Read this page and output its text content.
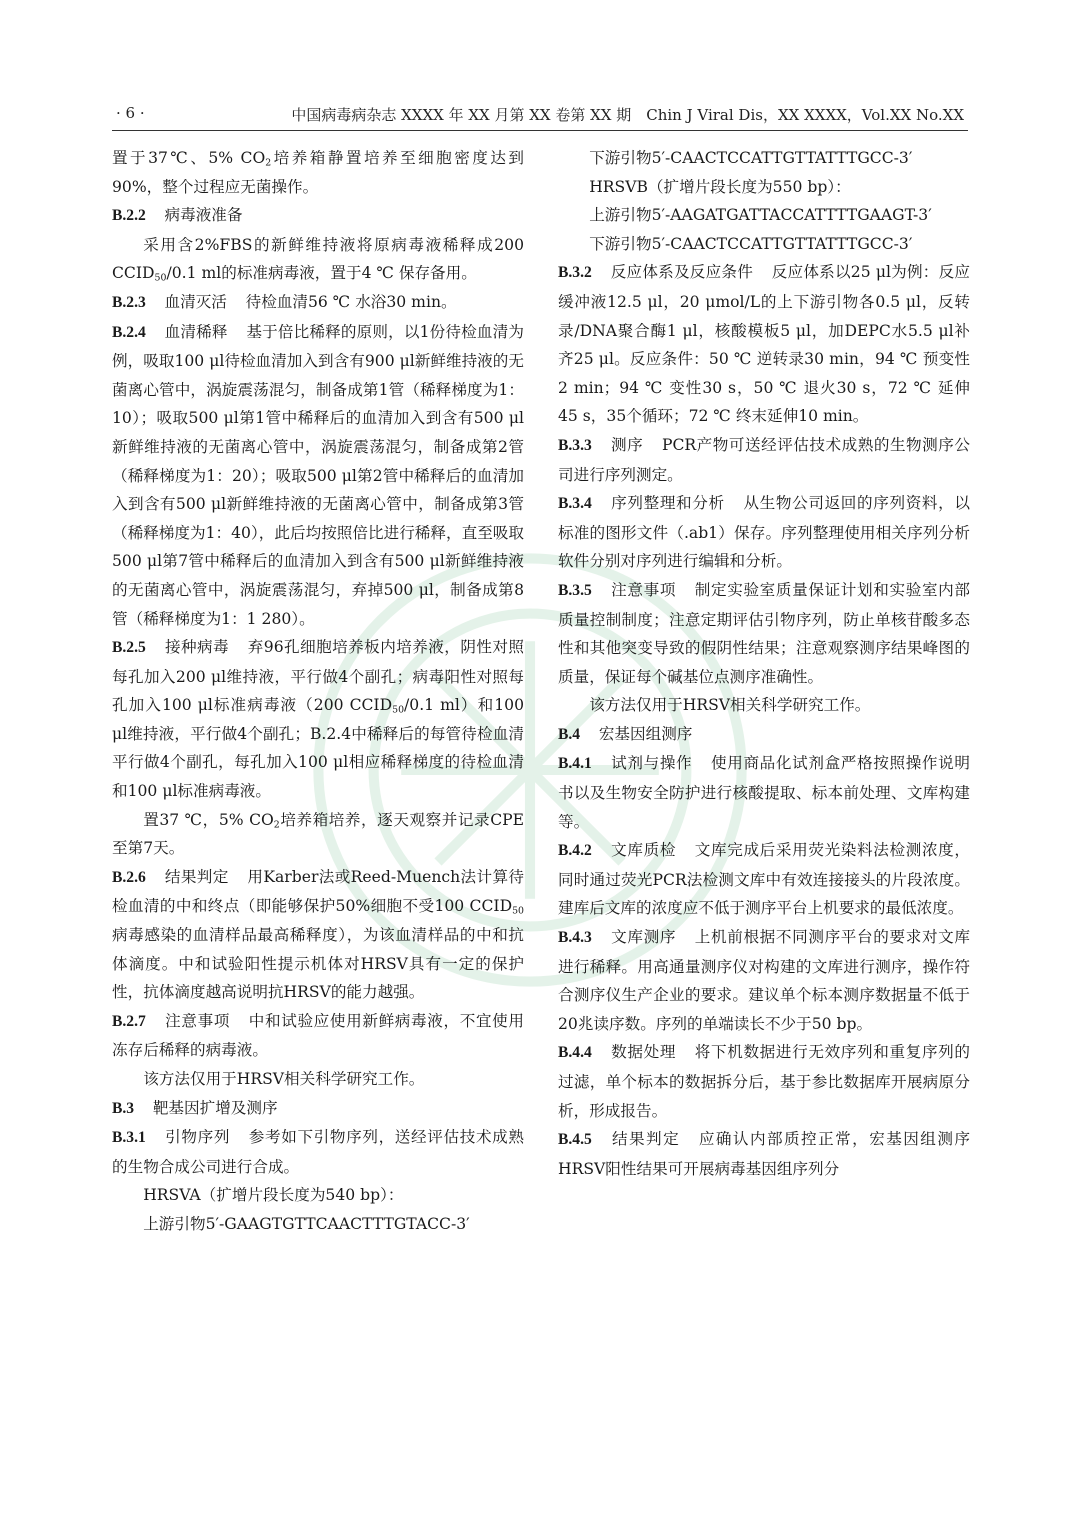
· 6 ·	中国病毒病杂志 XXXX 年 XX 月第 XX 卷第 XX 期　Chin J Viral Dis，XX XXXX，Vol.XX No.XX

置于37℃、5% $CO_2$培养箱静置培养至细胞密度达到90%，整个过程应无菌操作。

B.2.2 病毒液准备

采用含2%FBS的新鲜维持液将原病毒液稀释成200 $CCID_{50}/0.1$ ml的标准病毒液，置于4 ℃ 保存备用。

B.2.3 血清灭活 待检血清56 ℃ 水浴30 min。

B.2.4 血清稀释 基于倍比稀释的原则，以1份待检血清为例，吸取100 μl待检血清加入到含有900 μl新鲜维持液的无菌离心管中，涡旋震荡混匀，制备成第1管（稀释梯度为1：10）；吸取500 μl第1管中稀释后的血清加入到含有500 μl新鲜维持液的无菌离心管中，涡旋震荡混匀，制备成第2管（稀释梯度为1：20）；吸取500 μl第2管中稀释后的血清加入到含有500 μl新鲜维持液的无菌离心管中，制备成第3管（稀释梯度为1：40），此后均按照倍比进行稀释，直至吸取500 μl第7管中稀释后的血清加入到含有500 μl新鲜维持液的无菌离心管中，涡旋震荡混匀，弃掉500 μl，制备成第8管（稀释梯度为1：1 280）。

B.2.5 接种病毒 弃96孔细胞培养板内培养液，阴性对照每孔加入200 μl维持液，平行做4个副孔；病毒阳性对照每孔加入100 μl标准病毒液（200 $CCID_{50}/0.1$ ml）和100 μl维持液，平行做4个副孔；B.2.4中稀释后的每管待检血清平行做4个副孔，每孔加入100 μl相应稀释梯度的待检血清和100 μl标准病毒液。

置37 ℃，5% $CO_2$培养箱培养，逐天观察并记录CPE至第7天。

B.2.6 结果判定 用Karber法或Reed-Muench法计算待检血清的中和终点（即能够保护50%细胞不受100 $CCID_{50}$病毒感染的血清样品最高稀释度），为该血清样品的中和抗体滴度。中和试验阳性提示机体对HRSV具有一定的保护性，抗体滴度越高说明抗HRSV的能力越强。

B.2.7 注意事项 中和试验应使用新鲜病毒液，不宜使用冻存后稀释的病毒液。

该方法仅用于HRSV相关科学研究工作。

B.3 靶基因扩增及测序

B.3.1 引物序列 参考如下引物序列，送经评估技术成熟的生物合成公司进行合成。

HRSVA（扩增片段长度为540 bp）：

上游引物5′-GAAGTGTTCAACTTTGTACC-3′

下游引物5′-CAACTCCATTGTTATTTGCC-3′

HRSVB（扩增片段长度为550 bp）：

上游引物5′-AAGATGATTACCATTTTGAAGT-3′

下游引物5′-CAACTCCATTGTTATTTGCC-3′

B.3.2 反应体系及反应条件 反应体系以25 μl为例：反应缓冲液12.5 μl，20 μmol/L的上下游引物各0.5 μl，反转录/DNA聚合酶1 μl，核酸模板5 μl，加DEPC水5.5 μl补齐25 μl。反应条件：50 ℃ 逆转录30 min，94 ℃ 预变性2 min；94 ℃ 变性30 s，50 ℃ 退火30 s，72 ℃ 延伸45 s，35个循环；72 ℃ 终末延伸10 min。

B.3.3 测序 PCR产物可送经评估技术成熟的生物测序公司进行序列测定。

B.3.4 序列整理和分析 从生物公司返回的序列资料，以标准的图形文件（.ab1）保存。序列整理使用相关序列分析软件分别对序列进行编辑和分析。

B.3.5 注意事项 制定实验室质量保证计划和实验室内部质量控制制度；注意定期评估引物序列，防止单核苷酸多态性和其他突变导致的假阴性结果；注意观察测序结果峰图的质量，保证每个碱基位点测序准确性。

该方法仅用于HRSV相关科学研究工作。

B.4 宏基因组测序

B.4.1 试剂与操作 使用商品化试剂盒严格按照操作说明书以及生物安全防护进行核酸提取、标本前处理、文库构建等。

B.4.2 文库质检 文库完成后采用荧光染料法检测浓度，同时通过荧光PCR法检测文库中有效连接接头的片段浓度。建库后文库的浓度应不低于测序平台上机要求的最低浓度。

B.4.3 文库测序 上机前根据不同测序平台的要求对文库进行稀释。用高通量测序仪对构建的文库进行测序，操作符合测序仪生产企业的要求。建议单个标本测序数据量不低于20兆读序数。序列的单端读长不少于50 bp。

B.4.4 数据处理 将下机数据进行无效序列和重复序列的过滤，单个标本的数据拆分后，基于参比数据库开展病原分析，形成报告。

B.4.5 结果判定 应确认内部质控正常，宏基因组测序HRSV阳性结果可开展病毒基因组序列分
